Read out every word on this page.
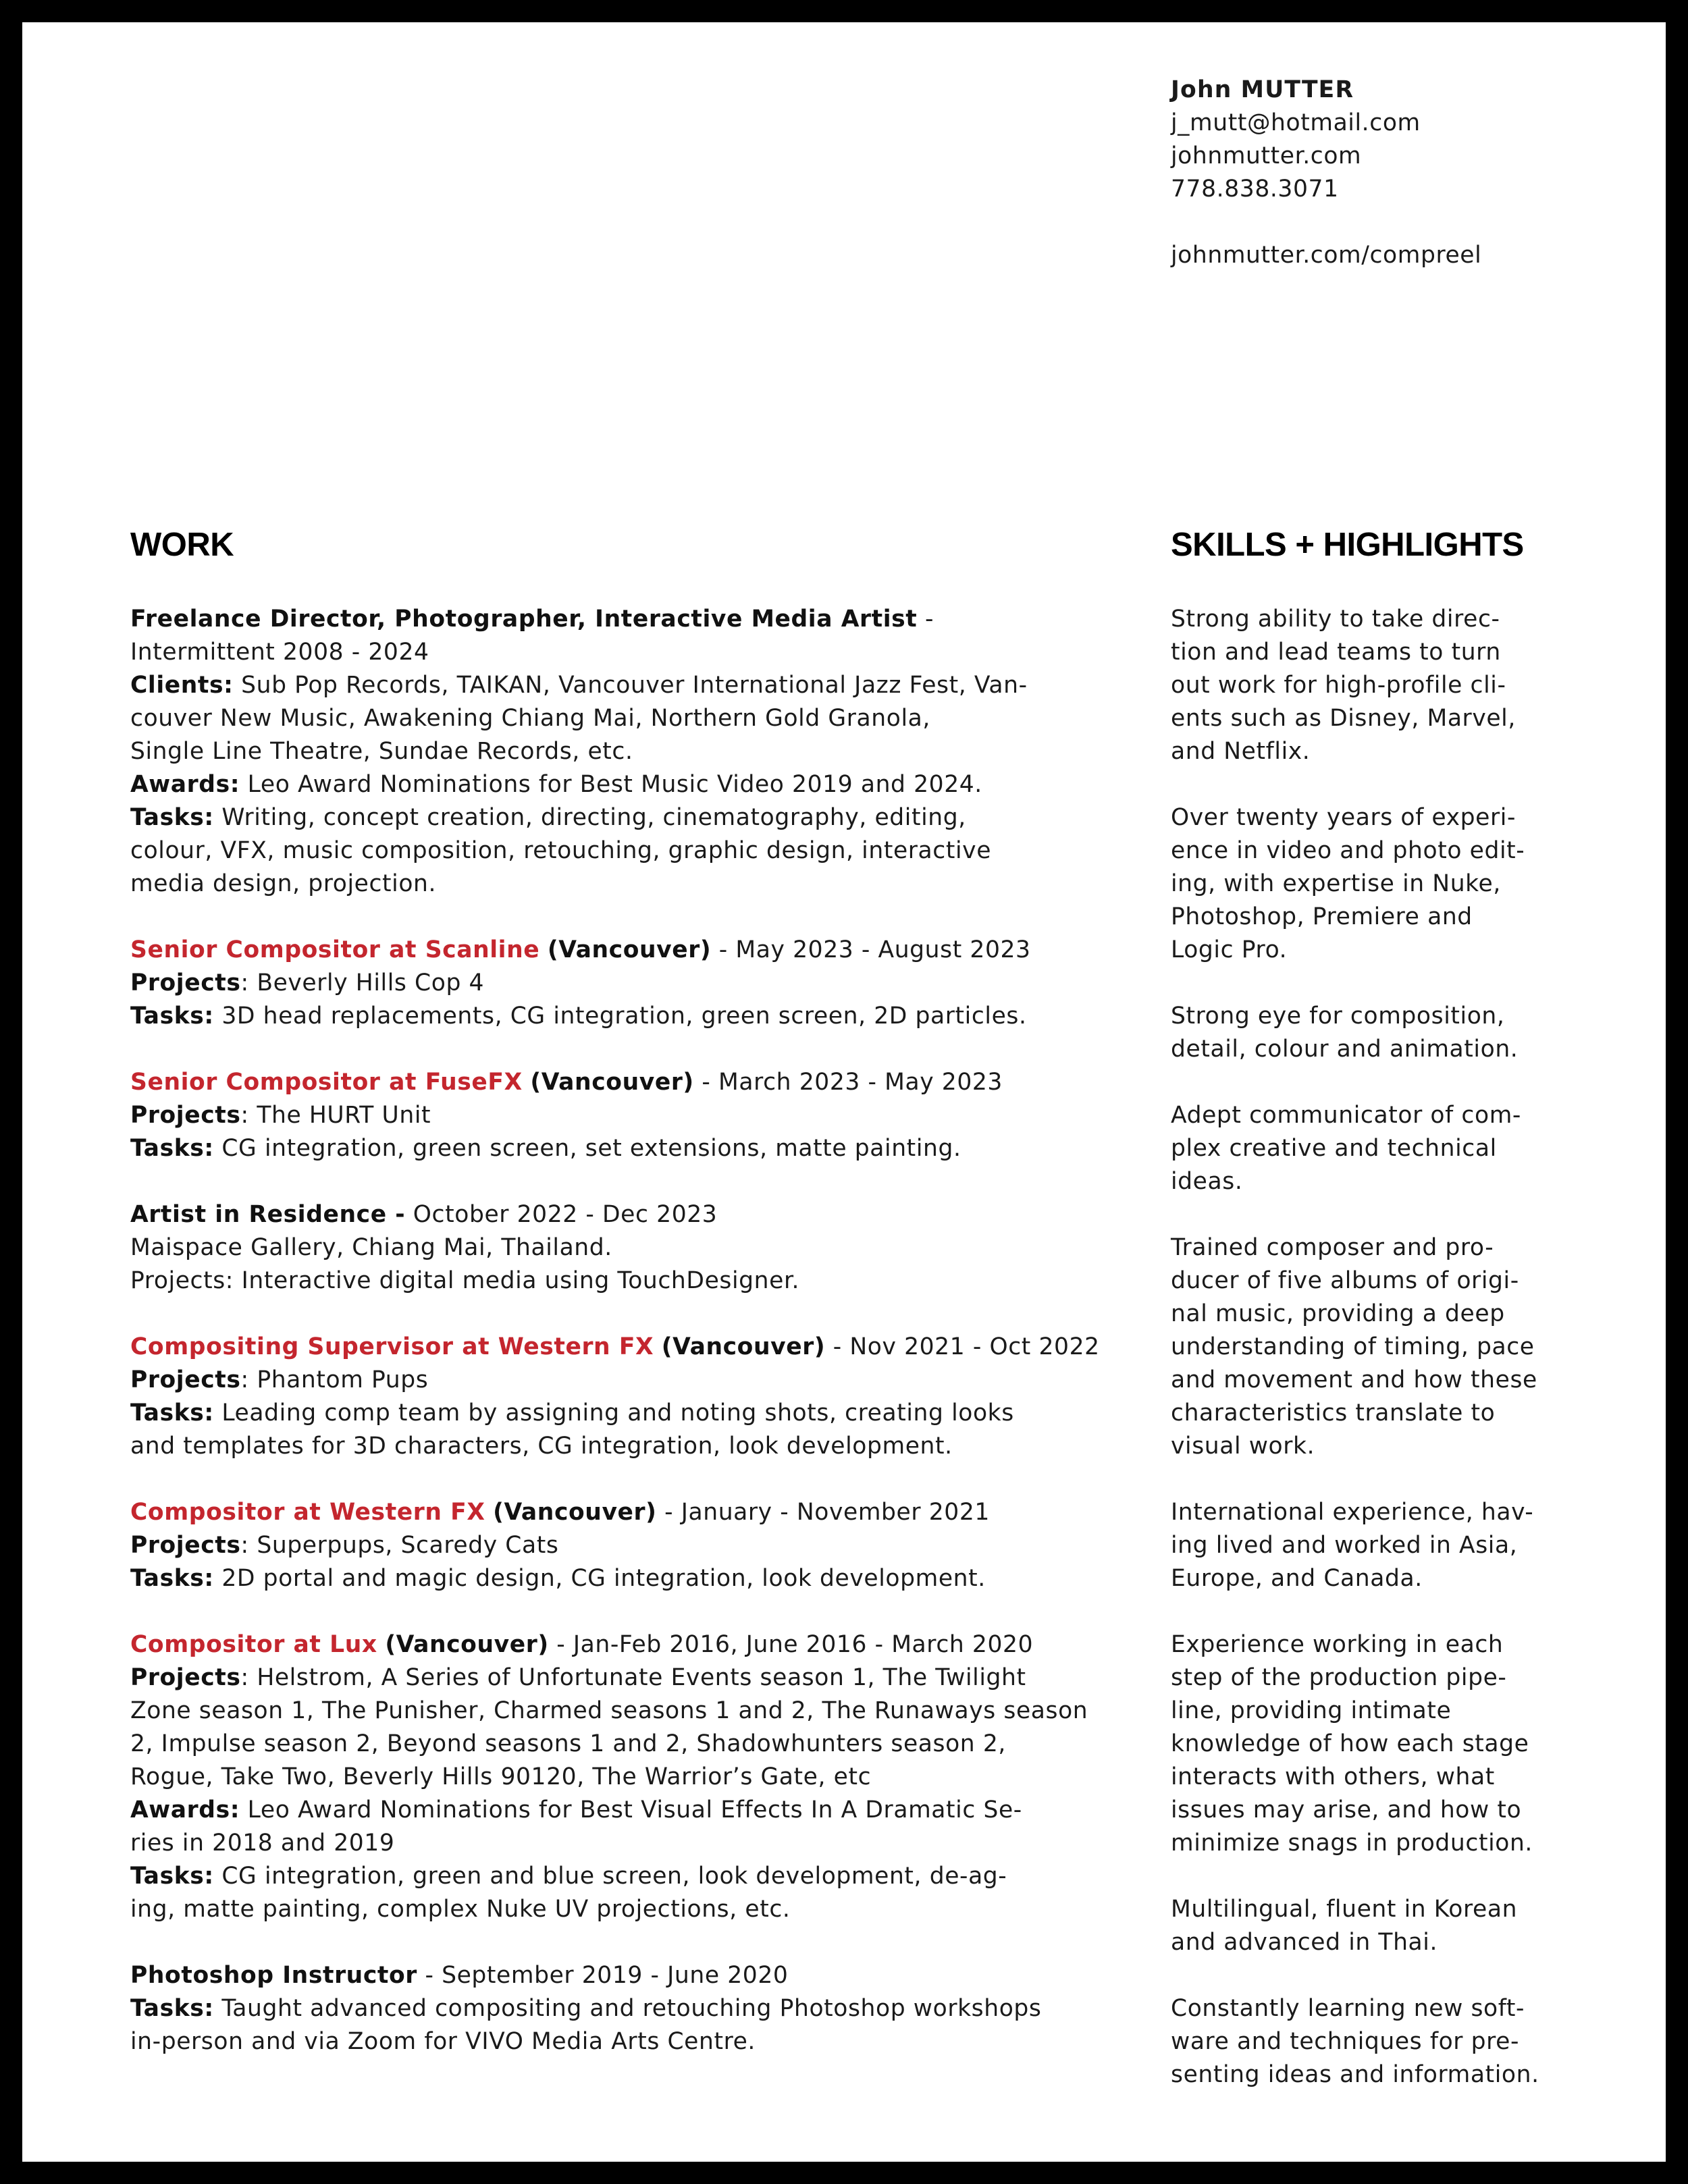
John MUTTER
j_mutt@hotmail.com
johnmutter.com
778.838.3071
johnmutter.com/compreel
WORK	SKILLS + HIGHLIGHTS
Freelance Director, Photographer, Interactive Media Artist -
Intermittent 2008 - 2024
Clients: Sub Pop Records, TAIKAN, Vancouver International Jazz Fest, Van-
couver New Music, Awakening Chiang Mai, Northern Gold Granola,
Single Line Theatre, Sundae Records, etc.
Awards: Leo Award Nominations for Best Music Video 2019 and 2024.
Tasks: Writing, concept creation, directing, cinematography, editing,
colour, VFX, music composition, retouching, graphic design, interactive
media design, projection.
Senior Compositor at Scanline (Vancouver) - May 2023 - August 2023
Projects: Beverly Hills Cop 4
Tasks: 3D head replacements, CG integration, green screen, 2D particles.
Senior Compositor at FuseFX (Vancouver) - March 2023 - May 2023
Projects: The HURT Unit
Tasks: CG integration, green screen, set extensions, matte painting.
Artist in Residence - October 2022 - Dec 2023
Maispace Gallery, Chiang Mai, Thailand.
Projects: Interactive digital media using TouchDesigner.
Compositing Supervisor at Western FX (Vancouver) - Nov 2021 - Oct 2022
Projects: Phantom Pups
Tasks: Leading comp team by assigning and noting shots, creating looks
and templates for 3D characters, CG integration, look development.
Compositor at Western FX (Vancouver) - January - November 2021
Projects: Superpups, Scaredy Cats
Tasks: 2D portal and magic design, CG integration, look development.
Compositor at Lux (Vancouver) - Jan-Feb 2016, June 2016 - March 2020
Projects: Helstrom, A Series of Unfortunate Events season 1, The Twilight
Zone season 1, The Punisher, Charmed seasons 1 and 2, The Runaways season
2, Impulse season 2, Beyond seasons 1 and 2, Shadowhunters season 2,
Rogue, Take Two, Beverly Hills 90120, The Warrior’s Gate, etc
Awards: Leo Award Nominations for Best Visual Effects In A Dramatic Se-
ries in 2018 and 2019
Tasks: CG integration, green and blue screen, look development, de-ag-
ing, matte painting, complex Nuke UV projections, etc.
Photoshop Instructor - September 2019 - June 2020
Tasks: Taught advanced compositing and retouching Photoshop workshops
in-person and via Zoom for VIVO Media Arts Centre.
Strong ability to take direc-
tion and lead teams to turn
out work for high-profile cli-
ents such as Disney, Marvel,
and Netflix.
Over twenty years of experi-
ence in video and photo edit-
ing, with expertise in Nuke,
Photoshop, Premiere and
Logic Pro.
Strong eye for composition,
detail, colour and animation.
Adept communicator of com-
plex creative and technical
ideas.
Trained composer and pro-
ducer of five albums of origi-
nal music, providing a deep
understanding of timing, pace
and movement and how these
characteristics translate to
visual work.
International experience, hav-
ing lived and worked in Asia,
Europe, and Canada.
Experience working in each
step of the production pipe-
line, providing intimate
knowledge of how each stage
interacts with others, what
issues may arise, and how to
minimize snags in production.
Multilingual, fluent in Korean
and advanced in Thai.
Constantly learning new soft-
ware and techniques for pre-
senting ideas and information.
